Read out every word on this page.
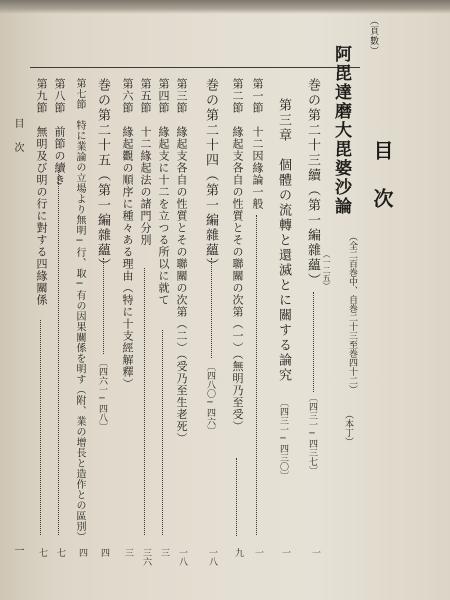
目　次
（頁數）
阿毘達磨大毘婆沙論
（全二百巻中、自巻二十三至巻四十二）
（本丁）
巻の第二十三續（第一編雜蘊） （一二五）
〔四三一─四三七〕
一
第三章　個體の流轉と還滅とに關する論究
〔四三一─四三〇〕
一
第一節　十二因緣論一般
一
第二節　緣起支各自の性質とその聯關の次第（一）（無明乃至受）
九
巻の第二十四（第一編雜蘊）
〔四八〇─四六〕
一八
第三節　緣起支各自の性質とその聯關の次第（二）（受乃至生老死）
一八
第四節　緣起支に十二を立つる所以に就て
三
第五節　十二緣起法の諸門分別
三六
第六節　緣起觀の順序に種々ある理由（特に十支經解釋）
三
巻の第二十五（第一編雜蘊）
〔四六一─四八〕
四
第七節　特に業論の立場より無明─行、取─有の因果關係を明す（附、業の增長と造作との區別）
四
第八節　前節の續き
七
第九節　無明及び明の行に對する四緣關係
七
目
次
一
